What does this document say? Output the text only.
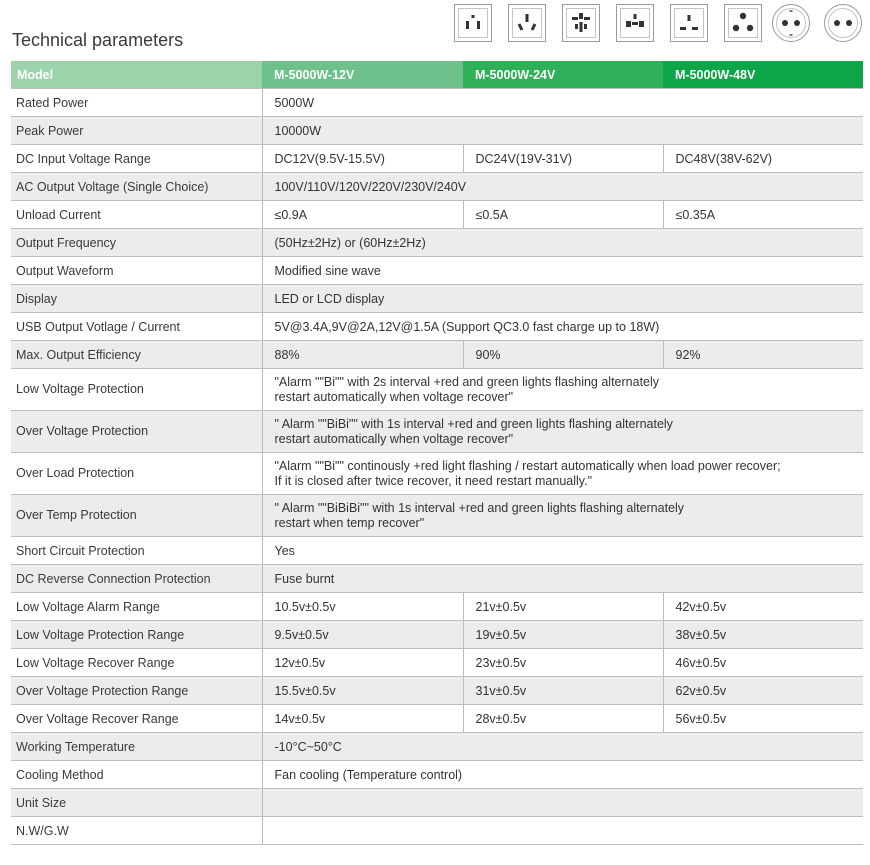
Technical parameters
Model	M-5000W-12V	M-5000W-24V	M-5000W-48V
Rated Power	5000W		
Peak Power	10000W		
DC Input Voltage Range	DC12V(9.5V-15.5V)	DC24V(19V-31V)	DC48V(38V-62V)
AC Output Voltage (Single Choice)	100V/110V/120V/220V/230V/240V		
Unload Current	≤0.9A	≤0.5A	≤0.35A
Output Frequency	(50Hz±2Hz) or (60Hz±2Hz)		
Output Waveform	Modified sine wave		
Display	LED or LCD display		
USB Output Votlage / Current	5V@3.4A,9V@2A,12V@1.5A (Support QC3.0 fast charge up to 18W)		
Max. Output Efficiency	88%	90%	92%
Low Voltage Protection	"Alarm ""Bi"" with 2s interval +red and green lights flashing alternately
restart automatically when voltage recover"		
Over Voltage Protection	" Alarm ""BiBi"" with 1s interval +red and green lights flashing alternately
restart automatically when voltage recover"		
Over Load Protection	"Alarm ""Bi"" continously +red light flashing / restart automatically when load power recover;
If it is closed after twice recover, it need restart manually."		
Over Temp Protection	" Alarm ""BiBiBi"" with 1s interval +red and green lights flashing alternately
restart when temp recover"		
Short Circuit Protection	Yes		
DC Reverse Connection Protection	Fuse burnt		
Low Voltage Alarm Range	10.5v±0.5v	21v±0.5v	42v±0.5v
Low Voltage Protection Range	9.5v±0.5v	19v±0.5v	38v±0.5v
Low Voltage Recover Range	12v±0.5v	23v±0.5v	46v±0.5v
Over Voltage Protection Range	15.5v±0.5v	31v±0.5v	62v±0.5v
Over Voltage Recover Range	14v±0.5v	28v±0.5v	56v±0.5v
Working Temperature	-10°C~50°C		
Cooling Method	Fan cooling (Temperature control)		
Unit Size			
N.W/G.W			
